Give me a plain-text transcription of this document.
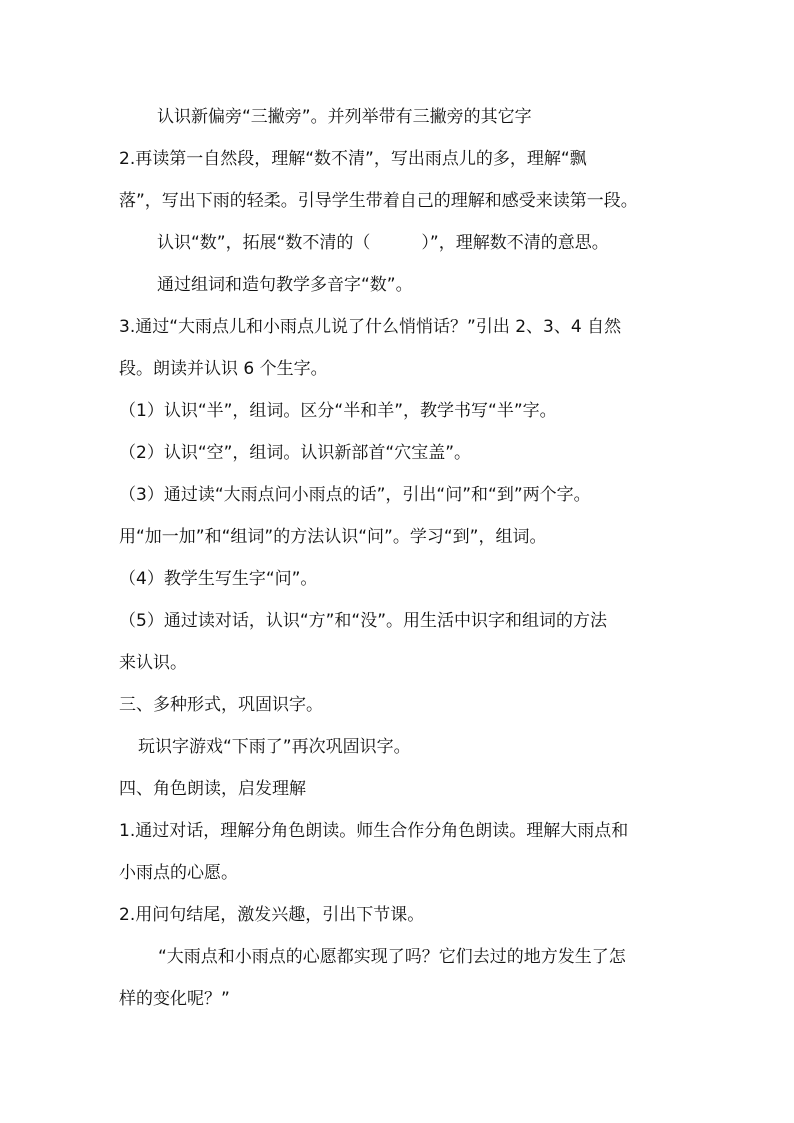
认识新偏旁“三撇旁”。并列举带有三撇旁的其它字
2.再读第一自然段，理解“数不清”，写出雨点儿的多，理解“飘
落”，写出下雨的轻柔。引导学生带着自己的理解和感受来读第一段。
认识“数”，拓展“数不清的（　　　）”，理解数不清的意思。
通过组词和造句教学多音字“数”。
3.通过“大雨点儿和小雨点儿说了什么悄悄话？”引出 2、3、4 自然
段。朗读并认识 6 个生字。
（1）认识“半”，组词。区分“半和羊”，教学书写“半”字。
（2）认识“空”，组词。认识新部首“穴宝盖”。
（3）通过读“大雨点问小雨点的话”，引出“问”和“到”两个字。
用“加一加”和“组词”的方法认识“问”。学习“到”，组词。
（4）教学生写生字“问”。
（5）通过读对话，认识“方”和“没”。用生活中识字和组词的方法
来认识。
三、多种形式，巩固识字。
玩识字游戏“下雨了”再次巩固识字。
四、角色朗读，启发理解
1.通过对话，理解分角色朗读。师生合作分角色朗读。理解大雨点和
小雨点的心愿。
2.用问句结尾，激发兴趣，引出下节课。
“大雨点和小雨点的心愿都实现了吗？它们去过的地方发生了怎
样的变化呢？”
